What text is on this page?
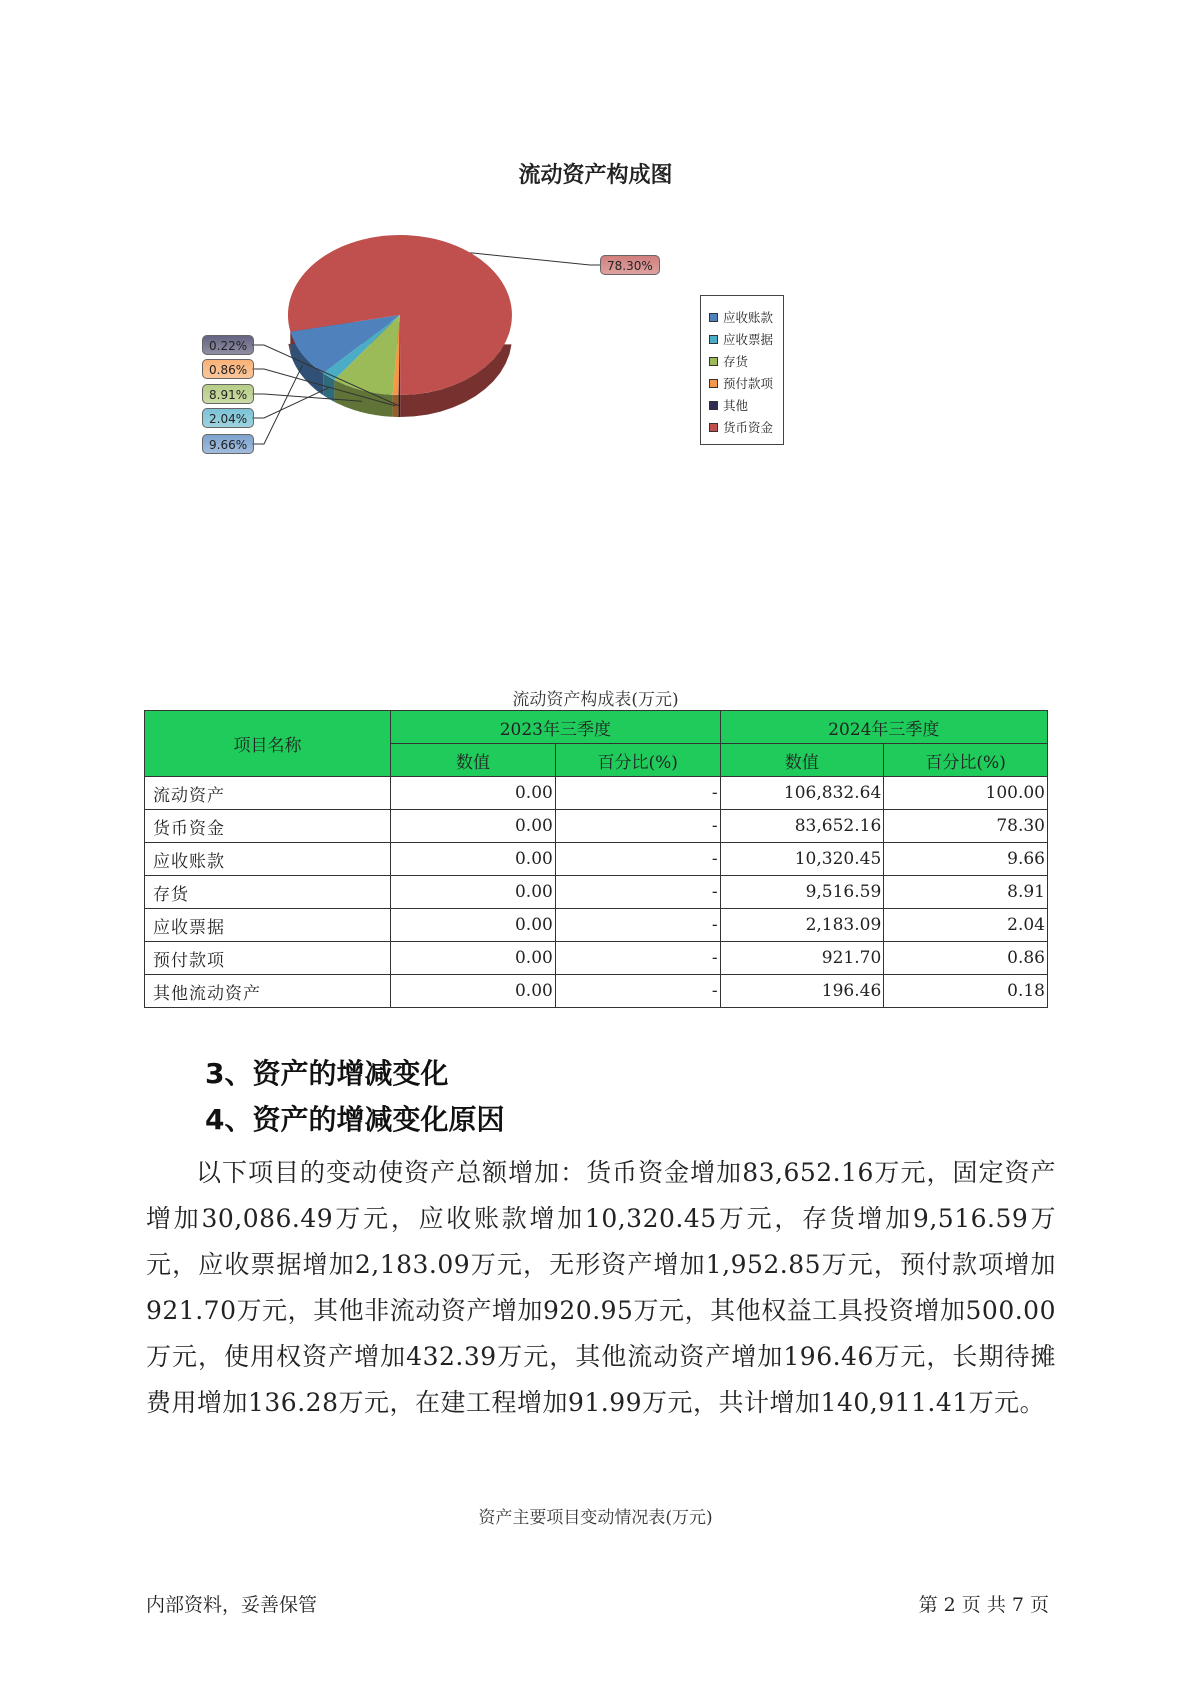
流动资产构成图
9.66%
2.04%
8.91%
0.86%
0.22%
78.30%
应收账款
应收票据
存货
预付款项
其他
货币资金
流动资产构成表(万元)
项目名称	2023年三季度		2024年三季度	
	数值	百分比(%)	数值	百分比(%)
流动资产	0.00	-	106,832.64	100.00
货币资金	0.00	-	83,652.16	78.30
应收账款	0.00	-	10,320.45	9.66
存货	0.00	-	9,516.59	8.91
应收票据	0.00	-	2,183.09	2.04
预付款项	0.00	-	921.70	0.86
其他流动资产	0.00	-	196.46	0.18
3、资产的增减变化
4、资产的增减变化原因
以下项目的变动使资产总额增加：货币资金增加83,652.16万元，固定资产增加30,086.49万元，应收账款增加10,320.45万元，存货增加9,516.59万元，应收票据增加2,183.09万元，无形资产增加1,952.85万元，预付款项增加921.70万元，其他非流动资产增加920.95万元，其他权益工具投资增加500.00万元，使用权资产增加432.39万元，其他流动资产增加196.46万元，长期待摊费用增加136.28万元，在建工程增加91.99万元，共计增加140,911.41万元。
资产主要项目变动情况表(万元)
内部资料，妥善保管	第 2 页 共 7 页
